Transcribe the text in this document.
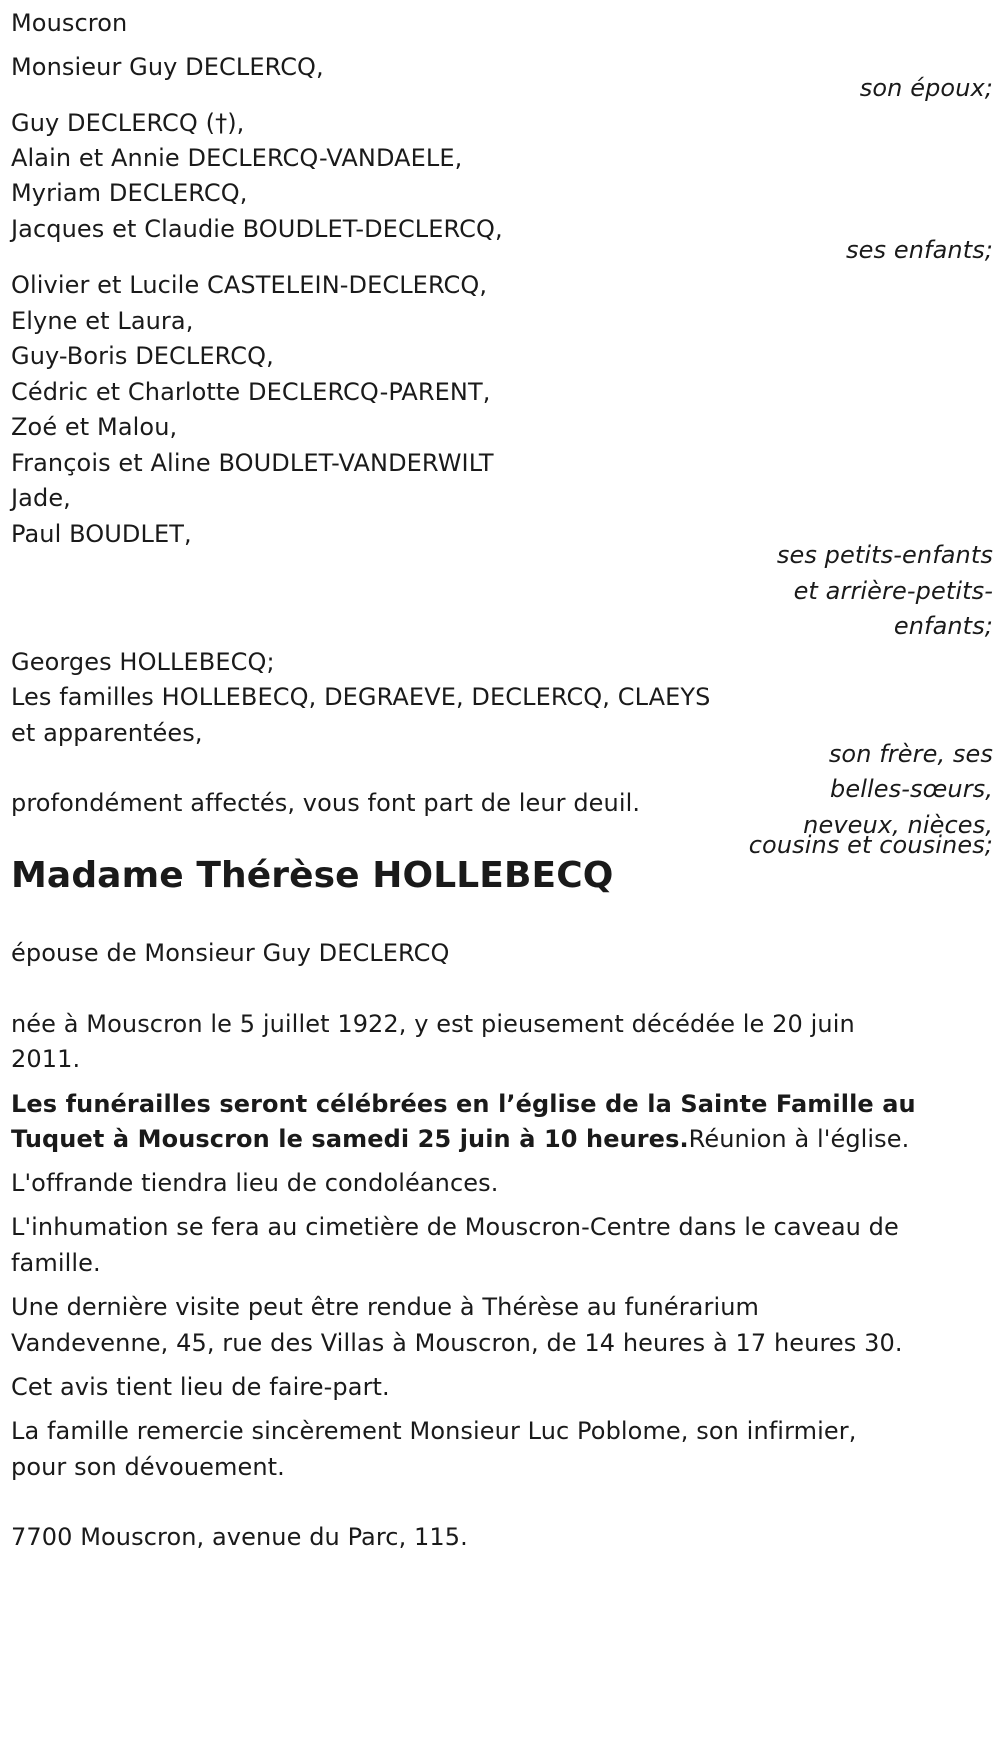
Mouscron
Monsieur Guy DECLERCQ,
son époux;
Guy DECLERCQ (†),
Alain et Annie DECLERCQ-VANDAELE,
Myriam DECLERCQ,
Jacques et Claudie BOUDLET-DECLERCQ,
ses enfants;
Olivier et Lucile CASTELEIN-DECLERCQ,
Elyne et Laura,
Guy-Boris DECLERCQ,
Cédric et Charlotte DECLERCQ-PARENT,
Zoé et Malou,
François et Aline BOUDLET-VANDERWILT
Jade,
Paul BOUDLET,
ses petits-enfants
et arrière-petits-
enfants;
Georges HOLLEBECQ;
Les familles HOLLEBECQ, DEGRAEVE, DECLERCQ, CLAEYS
et apparentées,
son frère, ses
belles-sœurs,
neveux, nièces,
cousins et cousines;
profondément affectés, vous font part de leur deuil.
Madame Thérèse HOLLEBECQ
épouse de Monsieur Guy DECLERCQ
née à Mouscron le 5 juillet 1922, y est pieusement décédée le 20 juin
2011.
Les funérailles seront célébrées en l’église de la Sainte Famille au
Tuquet à Mouscron le samedi 25 juin à 10 heures.Réunion à l'église.
L'offrande tiendra lieu de condoléances.
L'inhumation se fera au cimetière de Mouscron-Centre dans le caveau de
famille.
Une dernière visite peut être rendue à Thérèse au funérarium
Vandevenne, 45, rue des Villas à Mouscron, de 14 heures à 17 heures 30.
Cet avis tient lieu de faire-part.
La famille remercie sincèrement Monsieur Luc Poblome, son infirmier,
pour son dévouement.
7700 Mouscron, avenue du Parc, 115.
